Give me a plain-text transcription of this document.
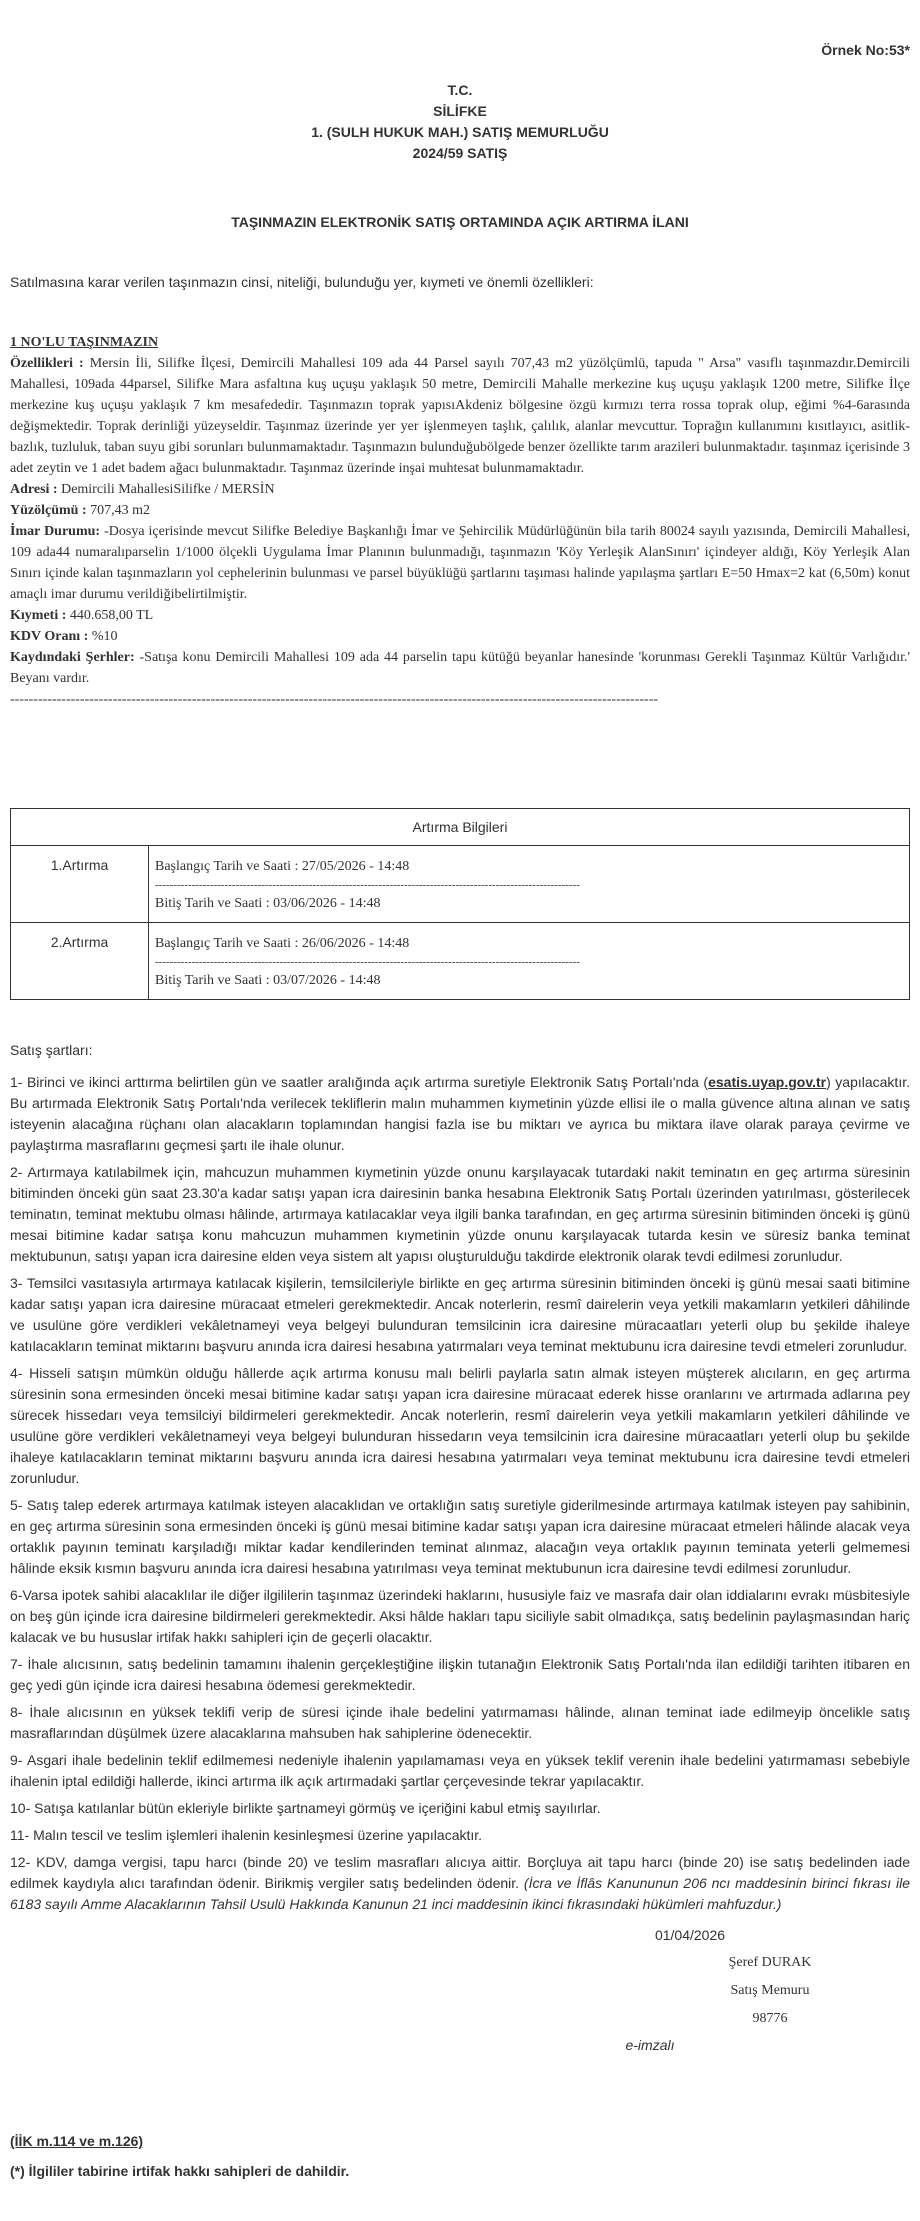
Örnek No:53*
T.C.
SİLİFKE
1. (SULH HUKUK MAH.) SATIŞ MEMURLUĞU
2024/59 SATIŞ
TAŞINMAZIN ELEKTRONİK SATIŞ ORTAMINDA AÇIK ARTIRMA İLANI
Satılmasına karar verilen taşınmazın cinsi, niteliği, bulunduğu yer, kıymeti ve önemli özellikleri:
1 NO'LU TAŞINMAZIN
Özellikleri : Mersin İli, Silifke İlçesi, Demircili Mahallesi 109 ada 44 Parsel sayılı 707,43 m2 yüzölçümlü, tapuda " Arsa" vasıflı taşınmazdır.Demircili Mahallesi, 109ada 44parsel, Silifke Mara asfaltına kuş uçuşu yaklaşık 50 metre, Demircili Mahalle merkezine kuş uçuşu yaklaşık 1200 metre, Silifke İlçe merkezine kuş uçuşu yaklaşık 7 km mesafededir. Taşınmazın toprak yapısıAkdeniz bölgesine özgü kırmızı terra rossa toprak olup, eğimi %4-6arasında değişmektedir. Toprak derinliği yüzeyseldir. Taşınmaz üzerinde yer yer işlenmeyen taşlık, çalılık, alanlar mevcuttur. Toprağın kullanımını kısıtlayıcı, asitlik- bazlık, tuzluluk, taban suyu gibi sorunları bulunmamaktadır. Taşınmazın bulunduğubölgede benzer özellikte tarım arazileri bulunmaktadır. taşınmaz içerisinde 3 adet zeytin ve 1 adet badem ağacı bulunmaktadır. Taşınmaz üzerinde inşai muhtesat bulunmamaktadır.
Adresi : Demircili MahallesiSilifke / MERSİN
Yüzölçümü : 707,43 m2
İmar Durumu: -Dosya içerisinde mevcut Silifke Belediye Başkanlığı İmar ve Şehircilik Müdürlüğünün bila tarih 80024 sayılı yazısında, Demircili Mahallesi, 109 ada44 numaralıparselin 1/1000 ölçekli Uygulama İmar Planının bulunmadığı, taşınmazın 'Köy Yerleşik AlanSınırı' içindeyer aldığı, Köy Yerleşik Alan Sınırı içinde kalan taşınmazların yol cephelerinin bulunması ve parsel büyüklüğü şartlarını taşıması halinde yapılaşma şartları E=50 Hmax=2 kat (6,50m) konut amaçlı imar durumu verildiğibelirtilmiştir.
Kıymeti : 440.658,00 TL
KDV Oranı : %10
Kaydındaki Şerhler: -Satışa konu Demircili Mahallesi 109 ada 44 parselin tapu kütüğü beyanlar hanesinde 'korunması Gerekli Taşınmaz Kültür Varlığıdır.' Beyanı vardır.
-------------------------------------------------------------------------------------------------------------------------------------------
Artırma Bilgileri	
1.Artırma	Başlangıç Tarih ve Saati : 27/05/2026 - 14:48
--------------------------------------------------------------------------------------------------------------------
Bitiş Tarih ve Saati : 03/06/2026 - 14:48

2.Artırma	Başlangıç Tarih ve Saati : 26/06/2026 - 14:48
--------------------------------------------------------------------------------------------------------------------
Bitiş Tarih ve Saati : 03/07/2026 - 14:48
Satış şartları:

1- Birinci ve ikinci arttırma belirtilen gün ve saatler aralığında açık artırma suretiyle Elektronik Satış Portalı'nda (esatis.uyap.gov.tr) yapılacaktır. Bu artırmada Elektronik Satış Portalı'nda verilecek tekliflerin malın muhammen kıymetinin yüzde ellisi ile o malla güvence altına alınan ve satış isteyenin alacağına rüçhanı olan alacakların toplamından hangisi fazla ise bu miktarı ve ayrıca bu miktara ilave olarak paraya çevirme ve paylaştırma masraflarını geçmesi şartı ile ihale olunur.

2- Artırmaya katılabilmek için, mahcuzun muhammen kıymetinin yüzde onunu karşılayacak tutardaki nakit teminatın en geç artırma süresinin bitiminden önceki gün saat 23.30'a kadar satışı yapan icra dairesinin banka hesabına Elektronik Satış Portalı üzerinden yatırılması, gösterilecek teminatın, teminat mektubu olması hâlinde, artırmaya katılacaklar veya ilgili banka tarafından, en geç artırma süresinin bitiminden önceki iş günü mesai bitimine kadar satışa konu mahcuzun muhammen kıymetinin yüzde onunu karşılayacak tutarda kesin ve süresiz banka teminat mektubunun, satışı yapan icra dairesine elden veya sistem alt yapısı oluşturulduğu takdirde elektronik olarak tevdi edilmesi zorunludur.

3- Temsilci vasıtasıyla artırmaya katılacak kişilerin, temsilcileriyle birlikte en geç artırma süresinin bitiminden önceki iş günü mesai saati bitimine kadar satışı yapan icra dairesine müracaat etmeleri gerekmektedir. Ancak noterlerin, resmî dairelerin veya yetkili makamların yetkileri dâhilinde ve usulüne göre verdikleri vekâletnameyi veya belgeyi bulunduran temsilcinin icra dairesine müracaatları yeterli olup bu şekilde ihaleye katılacakların teminat miktarını başvuru anında icra dairesi hesabına yatırmaları veya teminat mektubunu icra dairesine tevdi etmeleri zorunludur.

4- Hisseli satışın mümkün olduğu hâllerde açık artırma konusu malı belirli paylarla satın almak isteyen müşterek alıcıların, en geç artırma süresinin sona ermesinden önceki mesai bitimine kadar satışı yapan icra dairesine müracaat ederek hisse oranlarını ve artırmada adlarına pey sürecek hissedarı veya temsilciyi bildirmeleri gerekmektedir. Ancak noterlerin, resmî dairelerin veya yetkili makamların yetkileri dâhilinde ve usulüne göre verdikleri vekâletnameyi veya belgeyi bulunduran hissedarın veya temsilcinin icra dairesine müracaatları yeterli olup bu şekilde ihaleye katılacakların teminat miktarını başvuru anında icra dairesi hesabına yatırmaları veya teminat mektubunu icra dairesine tevdi etmeleri zorunludur.

5- Satış talep ederek artırmaya katılmak isteyen alacaklıdan ve ortaklığın satış suretiyle giderilmesinde artırmaya katılmak isteyen pay sahibinin, en geç artırma süresinin sona ermesinden önceki iş günü mesai bitimine kadar satışı yapan icra dairesine müracaat etmeleri hâlinde alacak veya ortaklık payının teminatı karşıladığı miktar kadar kendilerinden teminat alınmaz, alacağın veya ortaklık payının teminata yeterli gelmemesi hâlinde eksik kısmın başvuru anında icra dairesi hesabına yatırılması veya teminat mektubunun icra dairesine tevdi edilmesi zorunludur.

6-Varsa ipotek sahibi alacaklılar ile diğer ilgililerin taşınmaz üzerindeki haklarını, hususiyle faiz ve masrafa dair olan iddialarını evrakı müsbitesiyle on beş gün içinde icra dairesine bildirmeleri gerekmektedir. Aksi hâlde hakları tapu siciliyle sabit olmadıkça, satış bedelinin paylaşmasından hariç kalacak ve bu hususlar irtifak hakkı sahipleri için de geçerli olacaktır.

7- İhale alıcısının, satış bedelinin tamamını ihalenin gerçekleştiğine ilişkin tutanağın Elektronik Satış Portalı'nda ilan edildiği tarihten itibaren en geç yedi gün içinde icra dairesi hesabına ödemesi gerekmektedir.

8- İhale alıcısının en yüksek teklifi verip de süresi içinde ihale bedelini yatırmaması hâlinde, alınan teminat iade edilmeyip öncelikle satış masraflarından düşülmek üzere alacaklarına mahsuben hak sahiplerine ödenecektir.

9- Asgari ihale bedelinin teklif edilmemesi nedeniyle ihalenin yapılamaması veya en yüksek teklif verenin ihale bedelini yatırmaması sebebiyle ihalenin iptal edildiği hallerde, ikinci artırma ilk açık artırmadaki şartlar çerçevesinde tekrar yapılacaktır.

10- Satışa katılanlar bütün ekleriyle birlikte şartnameyi görmüş ve içeriğini kabul etmiş sayılırlar.

11- Malın tescil ve teslim işlemleri ihalenin kesinleşmesi üzerine yapılacaktır.

12- KDV, damga vergisi, tapu harcı (binde 20) ve teslim masrafları alıcıya aittir. Borçluya ait tapu harcı (binde 20) ise satış bedelinden iade edilmek kaydıyla alıcı tarafından ödenir. Birikmiş vergiler satış bedelinden ödenir. (İcra ve İflâs Kanununun 206 ncı maddesinin birinci fıkrası ile 6183 sayılı Amme Alacaklarının Tahsil Usulü Hakkında Kanunun 21 inci maddesinin ikinci fıkrasındaki hükümleri mahfuzdur.)

01/04/2026
Şeref DURAK
Satış Memuru
98776
e-imzalı
(İİK m.114 ve m.126)
(*) İlgililer tabirine irtifak hakkı sahipleri de dahildir.
